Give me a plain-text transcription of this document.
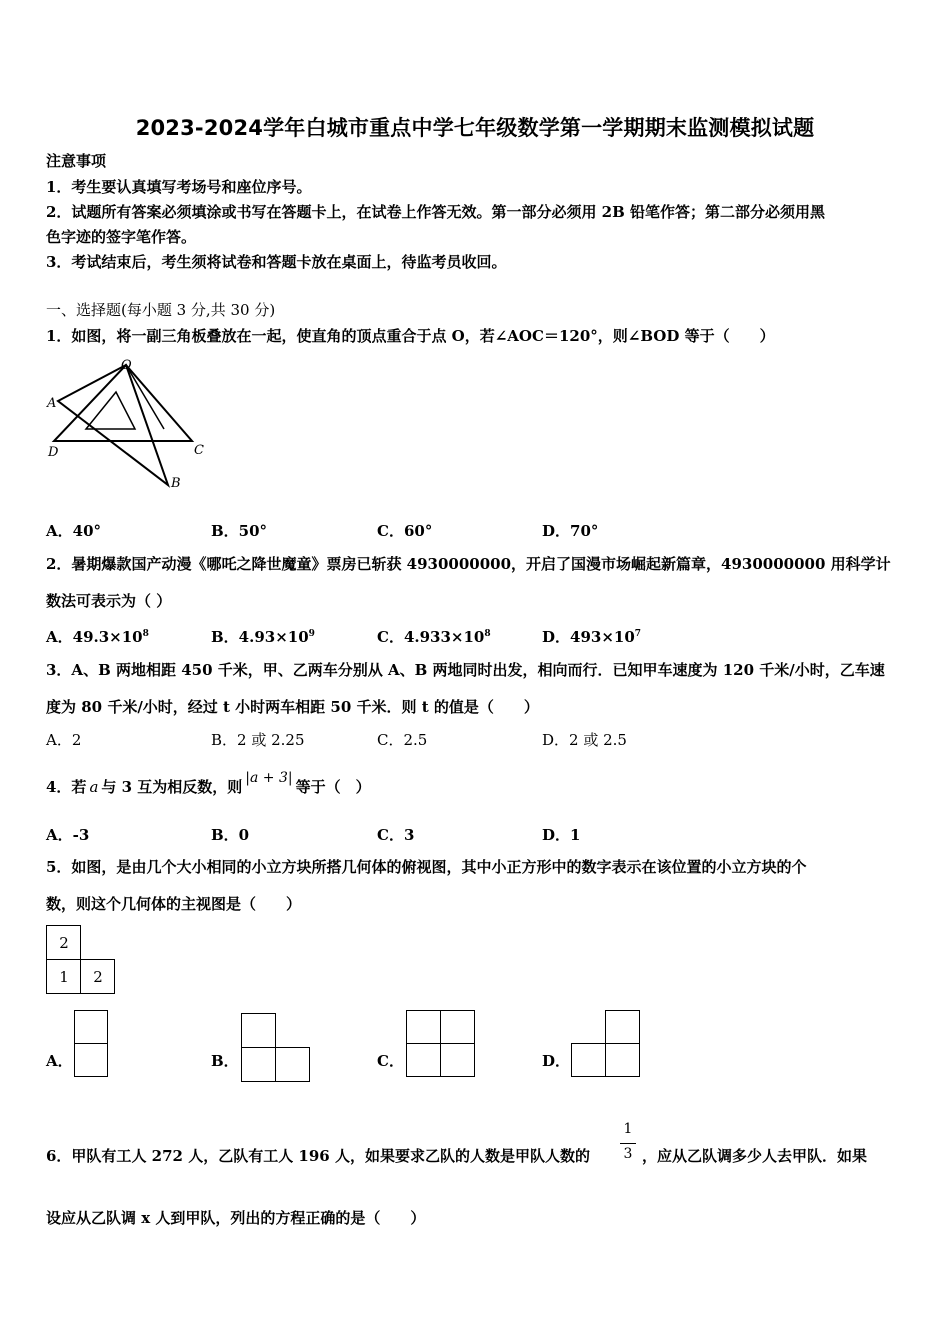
2023-2024学年白城市重点中学七年级数学第一学期期末监测模拟试题
注意事项
1．考生要认真填写考场号和座位序号。
2．试题所有答案必须填涂或书写在答题卡上，在试卷上作答无效。第一部分必须用 2B 铅笔作答；第二部分必须用黑
色字迹的签字笔作答。
3．考试结束后，考生须将试卷和答题卡放在桌面上，待监考员收回。
一、选择题(每小题 3 分,共 30 分)
1．如图，将一副三角板叠放在一起，使直角的顶点重合于点 O，若∠AOC＝120°，则∠BOD 等于（　　）
O
A
D	C
B
A．40°	B．50°	C．60°	D．70°
2．暑期爆款国产动漫《哪吒之降世魔童》票房已斩获 4930000000，开启了国漫市场崛起新篇章，4930000000 用科学计
数法可表示为（ ）
A．$49.3\times 10^8$	B．$4.93\times 10^9$	C．$4.933\times 10^8$	D．$493\times 10^7$
3．A、B 两地相距 450 千米，甲、乙两车分别从 A、B 两地同时出发，相向而行．已知甲车速度为 120 千米/小时，乙车速
度为 80 千米/小时，经过 t 小时两车相距 50 千米．则 t 的值是（　　）
A．2	B．2 或 2.25	C．2.5	D．2 或 2.5
4．若 a 与 3 互为相反数，则 |a + 3| 等于（　）
A．-3	B．0	C．3	D．1
5．如图，是由几个大小相同的小立方块所搭几何体的俯视图，其中小正方形中的数字表示在该位置的小立方块的个
数，则这个几何体的主视图是（　　）
2
1	2
A．	B．	C．	D．
6．甲队有工人 272 人，乙队有工人 196 人，如果要求乙队的人数是甲队人数的
1
3 ，应从乙队调多少人去甲队．如果
设应从乙队调 x 人到甲队，列出的方程正确的是（　　）
